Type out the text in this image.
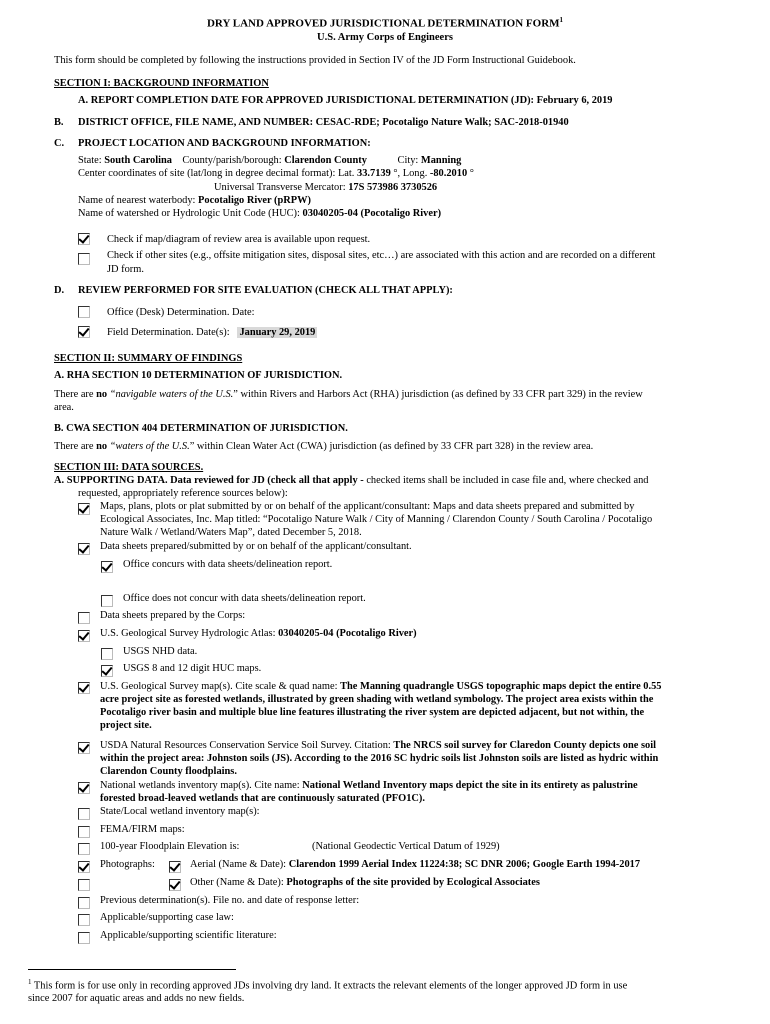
DRY LAND APPROVED JURISDICTIONAL DETERMINATION FORM$^1$
U.S. Army Corps of Engineers
This form should be completed by following the instructions provided in Section IV of the JD Form Instructional Guidebook.
SECTION I: BACKGROUND INFORMATION
A. REPORT COMPLETION DATE FOR APPROVED JURISDICTIONAL DETERMINATION (JD): February 6, 2019
B. DISTRICT OFFICE, FILE NAME, AND NUMBER: CESAC-RDE; Pocotaligo Nature Walk; SAC-2018-01940
C. PROJECT LOCATION AND BACKGROUND INFORMATION:
State: South Carolina County/parish/borough: Clarendon County	City: Manning
Center coordinates of site (lat/long in degree decimal format): Lat. 33.7139 °, Long. -80.2010 °
Universal Transverse Mercator: 17S 573986 3730526
Name of nearest waterbody: Pocotaligo River (pRPW)
Name of watershed or Hydrologic Unit Code (HUC): 03040205-04 (Pocotaligo River)
Check if map/diagram of review area is available upon request.
Check if other sites (e.g., offsite mitigation sites, disposal sites, etc…) are associated with this action and are recorded on a different
JD form.
D. REVIEW PERFORMED FOR SITE EVALUATION (CHECK ALL THAT APPLY):
Office (Desk) Determination. Date:
Field Determination. Date(s): January 29, 2019
SECTION II: SUMMARY OF FINDINGS
A. RHA SECTION 10 DETERMINATION OF JURISDICTION.
There are no “navigable waters of the U.S.” within Rivers and Harbors Act (RHA) jurisdiction (as defined by 33 CFR part 329) in the review
area.
B. CWA SECTION 404 DETERMINATION OF JURISDICTION.
There are no “waters of the U.S.” within Clean Water Act (CWA) jurisdiction (as defined by 33 CFR part 328) in the review area.
SECTION III: DATA SOURCES.
A. SUPPORTING DATA. Data reviewed for JD (check all that apply - checked items shall be included in case file and, where checked and
requested, appropriately reference sources below):
Maps, plans, plots or plat submitted by or on behalf of the applicant/consultant: Maps and data sheets prepared and submitted by
Ecological Associates, Inc. Map titled: “Pocotaligo Nature Walk / City of Manning / Clarendon County / South Carolina / Pocotaligo
Nature Walk / Wetland/Waters Map”, dated December 5, 2018.
Data sheets prepared/submitted by or on behalf of the applicant/consultant.
Office concurs with data sheets/delineation report.
Office does not concur with data sheets/delineation report.
Data sheets prepared by the Corps:
U.S. Geological Survey Hydrologic Atlas: 03040205-04 (Pocotaligo River)
USGS NHD data.
USGS 8 and 12 digit HUC maps.
U.S. Geological Survey map(s). Cite scale & quad name: The Manning quadrangle USGS topographic maps depict the entire 0.55
acre project site as forested wetlands, illustrated by green shading with wetland symbology. The project area exists within the
Pocotaligo river basin and multiple blue line features illustrating the river system are depicted adjacent, but not within, the
project site.
USDA Natural Resources Conservation Service Soil Survey. Citation: The NRCS soil survey for Claredon County depicts one soil
within the project area: Johnston soils (JS). According to the 2016 SC hydric soils list Johnston soils are listed as hydric within
Clarendon County floodplains.
National wetlands inventory map(s). Cite name: National Wetland Inventory maps depict the site in its entirety as palustrine
forested broad-leaved wetlands that are continuously saturated (PFO1C).
State/Local wetland inventory map(s):
FEMA/FIRM maps:
100-year Floodplain Elevation is:	(National Geodectic Vertical Datum of 1929)
Photographs:	Aerial (Name & Date): Clarendon 1999 Aerial Index 11224:38; SC DNR 2006; Google Earth 1994-2017
Other (Name & Date): Photographs of the site provided by Ecological Associates
Previous determination(s). File no. and date of response letter:
Applicable/supporting case law:
Applicable/supporting scientific literature:
$^1$ This form is for use only in recording approved JDs involving dry land. It extracts the relevant elements of the longer approved JD form in use
since 2007 for aquatic areas and adds no new fields.
